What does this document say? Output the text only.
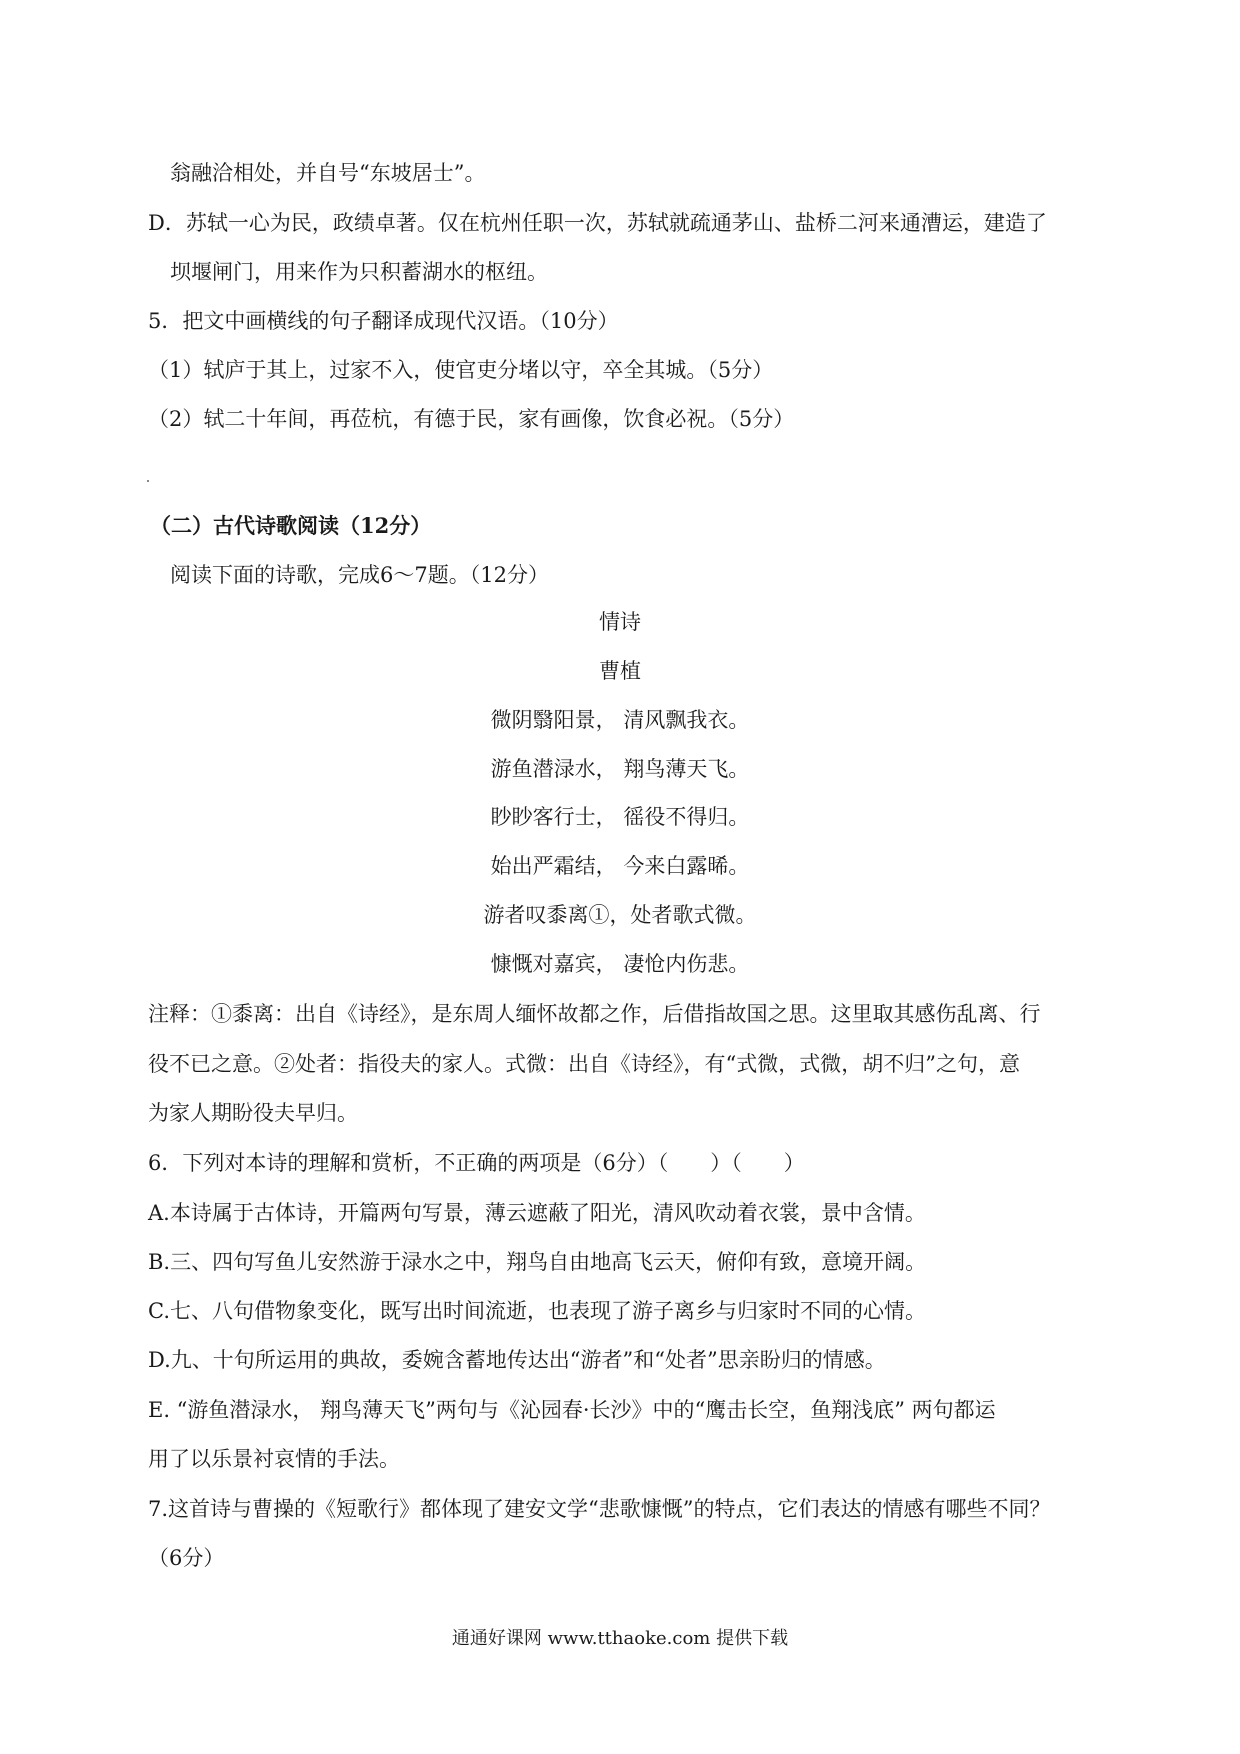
翁融洽相处，并自号“东坡居士”。
D．苏轼一心为民，政绩卓著。仅在杭州任职一次，苏轼就疏通茅山、盐桥二河来通漕运，建造了
坝堰闸门，用来作为只积蓄湖水的枢纽。
5．把文中画横线的句子翻译成现代汉语。（10分）
（1）轼庐于其上，过家不入，使官吏分堵以守，卒全其城。（5分）
（2）轼二十年间，再莅杭，有德于民，家有画像，饮食必祝。（5分）
（二）古代诗歌阅读（12分）
阅读下面的诗歌，完成6～7题。（12分）
情诗
曹植
微阴翳阳景， 清风飘我衣。
游鱼潜渌水， 翔鸟薄天飞。
眇眇客行士， 徭役不得归。
始出严霜结， 今来白露晞。
游者叹黍离①，处者歌式微。
慷慨对嘉宾， 凄怆内伤悲。
注释：①黍离：出自《诗经》，是东周人缅怀故都之作，后借指故国之思。这里取其感伤乱离、行
役不已之意。②处者：指役夫的家人。式微：出自《诗经》，有“式微，式微，胡不归”之句，意
为家人期盼役夫早归。
6．下列对本诗的理解和赏析，不正确的两项是（6分）（　　）（　　）
A.本诗属于古体诗，开篇两句写景，薄云遮蔽了阳光，清风吹动着衣裳，景中含情。
B.三、四句写鱼儿安然游于渌水之中，翔鸟自由地高飞云天，俯仰有致，意境开阔。
C.七、八句借物象变化，既写出时间流逝，也表现了游子离乡与归家时不同的心情。
D.九、十句所运用的典故，委婉含蓄地传达出“游者”和“处者”思亲盼归的情感。
E. “游鱼潜渌水， 翔鸟薄天飞”两句与《沁园春·长沙》中的“鹰击长空，鱼翔浅底” 两句都运
用了以乐景衬哀情的手法。
7.这首诗与曹操的《短歌行》都体现了建安文学“悲歌慷慨”的特点，它们表达的情感有哪些不同？
（6分）
通通好课网 www.tthaoke.com 提供下载
